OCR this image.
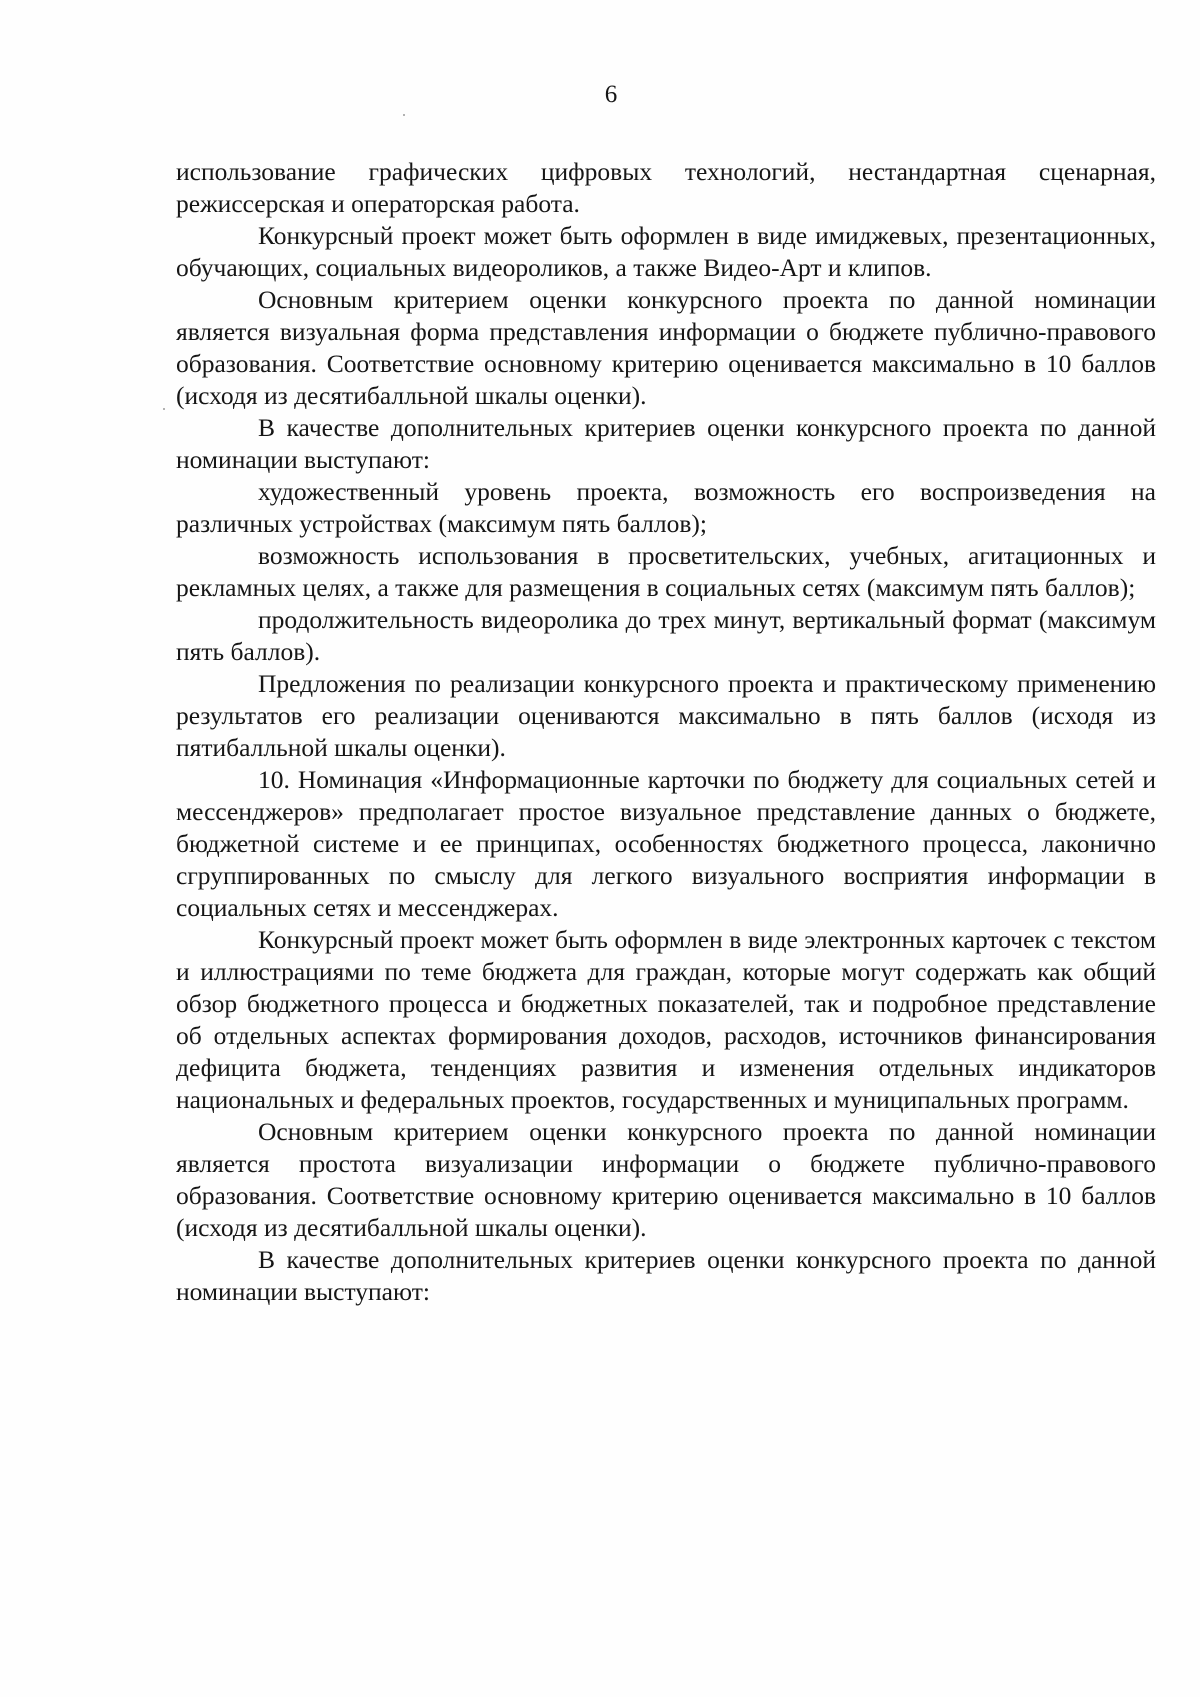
6

использование графических цифровых технологий, нестандартная сценарная, режиссерская и операторская работа.

Конкурсный проект может быть оформлен в виде имиджевых, презентационных, обучающих, социальных видеороликов, а также Видео-Арт и клипов.

Основным критерием оценки конкурсного проекта по данной номинации является визуальная форма представления информации о бюджете публично-правового образования. Соответствие основному критерию оценивается максимально в 10 баллов (исходя из десятибалльной шкалы оценки).

В качестве дополнительных критериев оценки конкурсного проекта по данной номинации выступают:

художественный уровень проекта, возможность его воспроизведения на различных устройствах (максимум пять баллов);

возможность использования в просветительских, учебных, агитационных и рекламных целях, а также для размещения в социальных сетях (максимум пять баллов);

продолжительность видеоролика до трех минут, вертикальный формат (максимум пять баллов).

Предложения по реализации конкурсного проекта и практическому применению результатов его реализации оцениваются максимально в пять баллов (исходя из пятибалльной шкалы оценки).

10. Номинация «Информационные карточки по бюджету для социальных сетей и мессенджеров» предполагает простое визуальное представление данных о бюджете, бюджетной системе и ее принципах, особенностях бюджетного процесса, лаконично сгруппированных по смыслу для легкого визуального восприятия информации в социальных сетях и мессенджерах.

Конкурсный проект может быть оформлен в виде электронных карточек с текстом и иллюстрациями по теме бюджета для граждан, которые могут содержать как общий обзор бюджетного процесса и бюджетных показателей, так и подробное представление об отдельных аспектах формирования доходов, расходов, источников финансирования дефицита бюджета, тенденциях развития и изменения отдельных индикаторов национальных и федеральных проектов, государственных и муниципальных программ.

Основным критерием оценки конкурсного проекта по данной номинации является простота визуализации информации о бюджете публично-правового образования. Соответствие основному критерию оценивается максимально в 10 баллов (исходя из десятибалльной шкалы оценки).

В качестве дополнительных критериев оценки конкурсного проекта по данной номинации выступают:
